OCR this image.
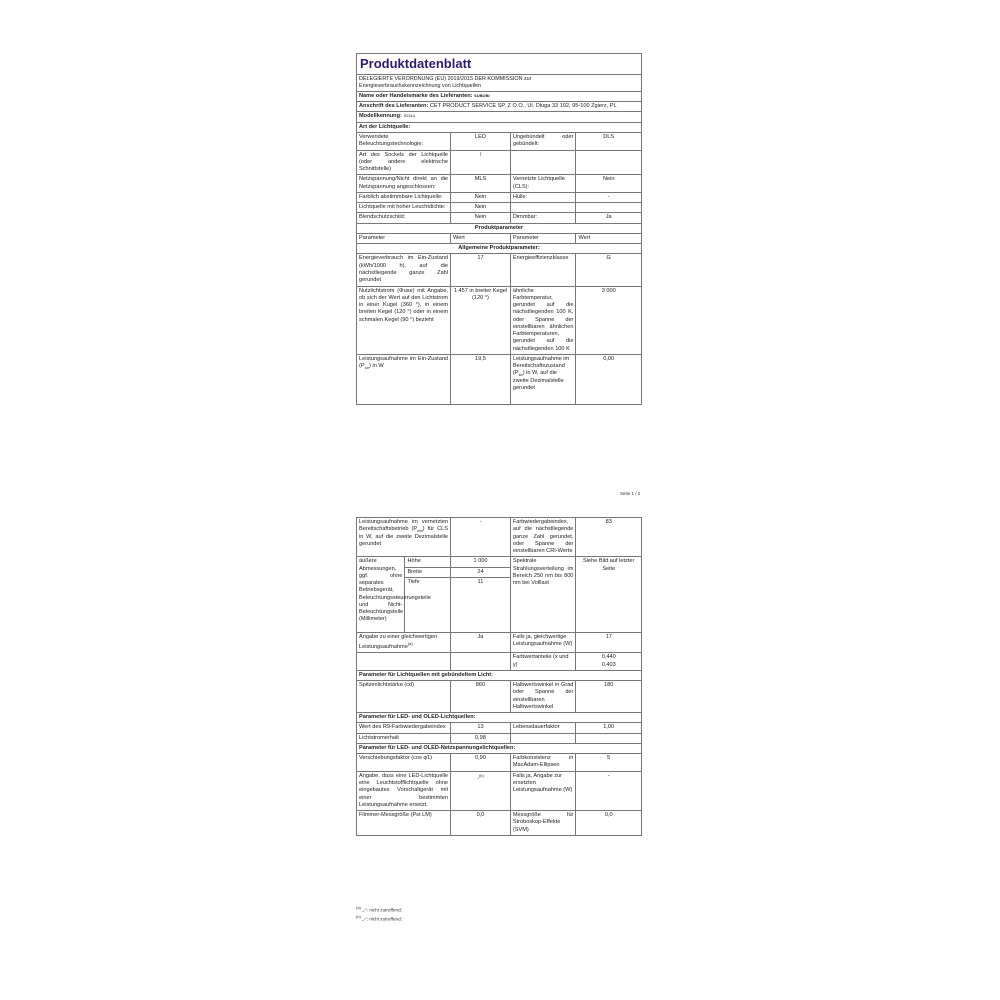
Produktdatenblatt			
DELEGIERTE VERORDNUNG (EU) 2019/2015 DER KOMMISSION zur
Energieverbrauchskennzeichnung von Lichtquellen			
Name oder Handelsmarke des Lieferanten: SUBOBI			
Anschrift des Lieferanten: CET PRODUCT SERVICE SP. Z O.O., Ul. Dluga 33 102, 95-100 Zgierz, PL			
Modellkennung: S0314			
Art der Lichtquelle:			
Verwendete Beleuchtungstechnologie:	LED	Ungebündelt oder gebündelt:	DLS
Art des Sockels der Lichtquelle (oder andere elektrische Schnittstelle)	/		
Netzspannung/Nicht direkt an die Netzspannung angeschlossen:	MLS	Vernetzte Lichtquelle (CLS):	Nein
Farblich abstimmbare Lichtquelle:	Nein	Hülle:	-
Lichtquelle mit hoher Leuchtdichte:	Nein		
Blendschutzschild:	Nein	Dimmbar:	Ja
Produktparameter			
Parameter	Wert	Parameter	Wert
Allgemeine Produktparameter:			
Energieverbrauch im Ein-Zustand (kWh/1000 h), auf die nächstliegende ganze Zahl gerundet	17	Energieeffizienzklasse	G
Nutzlichtstrom (Φuse) mit Angabe, ob sich der Wert auf den Lichtstrom in einer Kugel (360 °), in einem breiten Kegel (120 °) oder in einem schmalen Kegel (90 °) bezieht	1 457 in breiter Kegel (120 °)	ähnliche Farbtemperatur, gerundet auf die nächstliegenden 100 K, oder Spanne der einstellbaren ähnlichen Farbtemperaturen, gerundet auf die nächstliegenden 100 K	3 000
Leistungsaufnahme im Ein-Zustand $(P_{on})$ in W	19,5	Leistungsaufnahme im Bereitschaftszustand $(P_{sb})$ in W, auf die zweite Dezimalstelle gerundet	0,00
Seite 1 / 2
Leistungsaufnahme im vernetzten Bereitschaftsbetrieb $(P_{net})$ für CLS in W, auf die zweite Dezimalstelle gerundet		-	Farbwiedergabeindex, auf die nächstliegende ganze Zahl gerundet, oder Spanne der einstellbaren CRI-Werte	83
äußere Abmessungen, ggf. ohne separates Betriebsgerät, Beleuchtungssteuerungsteile und Nicht-Beleuchtungsteile (Millimeter)	Höhe	1 000	Spektrale Strahlungsverteilung im Bereich 250 nm bis 800 nm bei Volllast	Siehe Bild auf letzter Seite
	Breite	24		
	Tiefe	11		
Angabe zu einer gleichwertigen Leistungsaufnahme$^{(a)}$		Ja	Falls ja, gleichwertige Leistungsaufnahme (W)	17
			Farbwertanteile (x und y)	0,440
0,403
Parameter für Lichtquellen mit gebündeltem Licht:				
Spitzenlichtstärke (cd)		860	Halbwertswinkel in Grad oder Spanne der einstellbaren Halbwertswinkel	180
Parameter für LED- und OLED-Lichtquellen:				
Wert des R9-Farbwiedergabeindex		13	Lebensdauerfaktor	1,00
Lichtstromerhalt		0,98		
Parameter für LED- und OLED-Netzspannungslichtquellen:				
Verschiebungsfaktor (cos φ1)		0,90	Farbkonsistenz in MacAdam-Ellipsen	5
Angabe, dass eine LED-Lichtquelle eine Leuchtstofflichtquelle ohne eingebautes Vorschaltgerät mit einer bestimmten Leistungsaufnahme ersetzt.		-$^{(b)}$	Falls ja, Angabe zur ersetzten Leistungsaufnahme (W)	-
Flimmer-Messgröße (Pst LM)		0,0	Messgröße für Stroboskop-Effekte (SVM)	0,0
$^{(a)}$ „-“: nicht zutreffend;
$^{(b)}$ „-“: nicht zutreffend;
